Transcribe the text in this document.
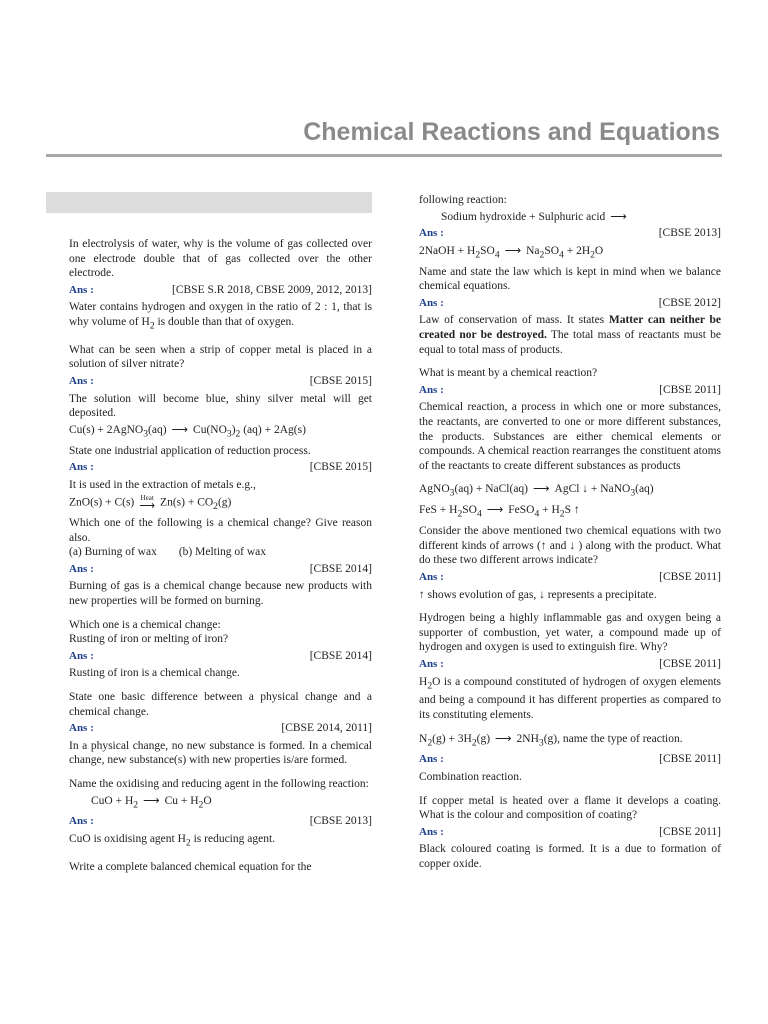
Chemical Reactions and Equations
In electrolysis of water, why is the volume of gas collected over one electrode double that of gas collected over the other electrode.
Ans :	[CBSE S.R 2018, CBSE 2009, 2012, 2013]
Water contains hydrogen and oxygen in the ratio of 2 : 1, that is why volume of $H_2$ is double than that of oxygen.
What can be seen when a strip of copper metal is placed in a solution of silver nitrate?
Ans :	[CBSE 2015]
The solution will become blue, shiny silver metal will get deposited.
Cu(s) + 2AgNO$_3$(aq) ⟶ $Cu(NO_3)_2$ (aq) + 2Ag(s)
State one industrial application of reduction process.
Ans :	[CBSE 2015]
It is used in the extraction of metals e.g.,
ZnO(s) + C(s) Heat
⟶ $Zn(s) + CO_2(g)$
Which one of the following is a chemical change? Give reason also.
(a) Burning of wax (b) Melting of wax
Ans :	[CBSE 2014]
Burning of gas is a chemical change because new products with new properties will be formed on burning.
Which one is a chemical change:
Rusting of iron or melting of iron?
Ans :	[CBSE 2014]
Rusting of iron is a chemical change.
State one basic difference between a physical change and a chemical change.
Ans :	[CBSE 2014, 2011]
In a physical change, no new substance is formed. In a chemical change, new substance(s) with new properties is/are formed.
Name the oxidising and reducing agent in the following reaction:
CuO + $H_2$ ⟶ $Cu + H_2O$
Ans :	[CBSE 2013]
CuO is oxidising agent $H_2$ is reducing agent.
Write a complete balanced chemical equation for the
following reaction:
Sodium hydroxide + Sulphuric acid ⟶
Ans :	[CBSE 2013]
2NaOH + $H_2SO_4$ ⟶ $Na_2SO_4 + 2H_2O$
Name and state the law which is kept in mind when we balance chemical equations.
Ans :	[CBSE 2012]
Law of conservation of mass. It states Matter can neither be created nor be destroyed. The total mass of reactants must be equal to total mass of products.
What is meant by a chemical reaction?
Ans :	[CBSE 2011]
Chemical reaction, a process in which one or more substances, the reactants, are converted to one or more different substances, the products. Substances are either chemical elements or compounds. A chemical reaction rearranges the constituent atoms of the reactants to create different substances as products
AgNO$_3$(aq) + NaCl(aq) ⟶ AgCl ↓ + NaNO$_3$(aq)
FeS + $H_2SO_4$ ⟶ FeSO$_4$ + $H_2S$ ↑
Consider the above mentioned two chemical equations with two different kinds of arrows (↑ and ↓ ) along with the product. What do these two different arrows indicate?
Ans :	[CBSE 2011]
↑ shows evolution of gas, ↓ represents a precipitate.
Hydrogen being a highly inflammable gas and oxygen being a supporter of combustion, yet water, a compound made up of hydrogen and oxygen is used to extinguish fire. Why?
Ans :	[CBSE 2011]
$H_2O$ is a compound constituted of hydrogen of oxygen elements and being a compound it has different properties as compared to its constituting elements.
$N_2(g) + 3H_2(g)$ ⟶ $2NH_3(g)$, name the type of reaction.
Ans :	[CBSE 2011]
Combination reaction.
If copper metal is heated over a flame it develops a coating. What is the colour and composition of coating?
Ans :	[CBSE 2011]
Black coloured coating is formed. It is a due to formation of copper oxide.
